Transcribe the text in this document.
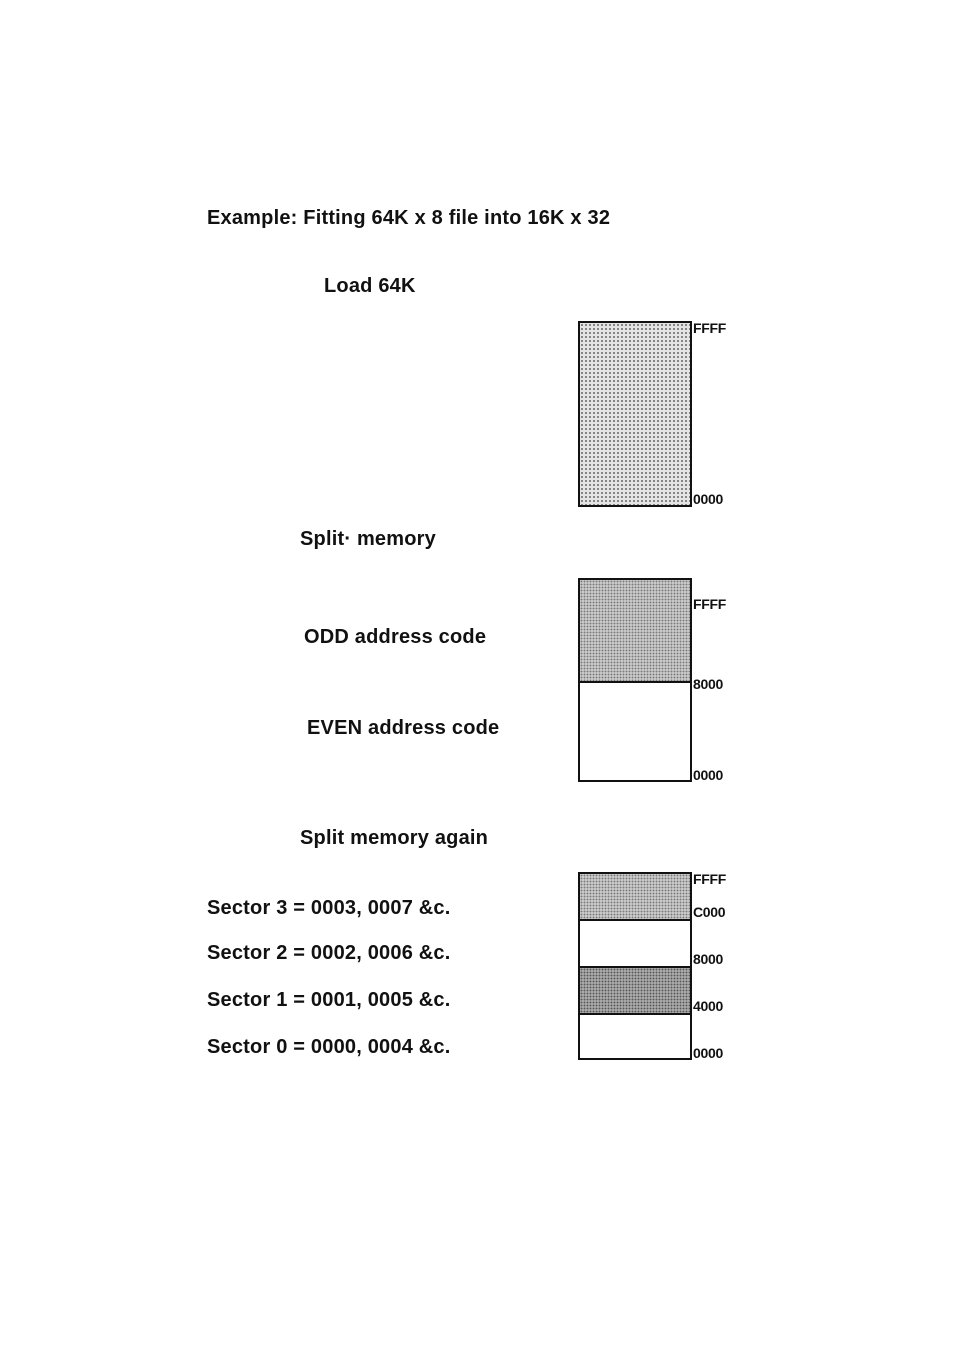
Example: Fitting 64K x 8 file into 16K x 32
Load 64K
FFFF
0000
Split· memory
ODD address code
EVEN address code
FFFF
8000
0000
Split memory again
Sector 3 = 0003, 0007 &c.
Sector 2 = 0002, 0006 &c.
Sector 1 = 0001, 0005 &c.
Sector 0 = 0000, 0004 &c.
FFFF
C000
8000
4000
0000
